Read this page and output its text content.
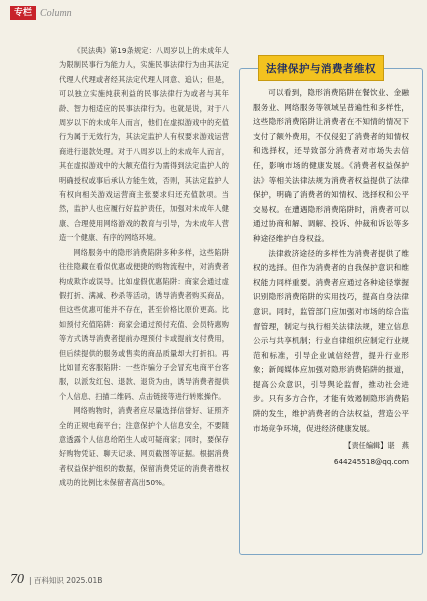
专栏 Column

《民法典》第19条规定：八周岁以上的未成年人为限制民事行为能力人，实施民事法律行为由其法定代理人代理或者经其法定代理人同意、追认；但是，可以独立实施纯获利益的民事法律行为或者与其年龄、智力相适应的民事法律行为。也就是说，对于八周岁以下的未成年人而言，他们在虚拟游戏中的充值行为属于无效行为，其法定监护人有权要求游戏运营商进行退款处理。对于八周岁以上的未成年人而言，其在虚拟游戏中的大额充值行为需得到法定监护人的明确授权或事后承认方能生效，否则，其法定监护人有权向相关游戏运营商主张要求归还充值款项。当然，监护人也应履行好监护责任，加强对未成年人健康、合理使用网络游戏的教育与引导，为未成年人营造一个健康、有序的网络环境。

网络服务中的隐形消费陷阱多种多样，这些陷阱往往隐藏在看似优惠或便捷的购物流程中，对消费者构成欺诈或误导。比如虚假优惠陷阱：商家会通过虚假打折、满减、秒杀等活动，诱导消费者购买商品，但这些优惠可能并不存在，甚至价格比原价更高。比如预付充值陷阱：商家会通过预付充值、会员特惠购等方式诱导消费者提前办理预付卡或提前支付费用，但后续提供的服务或售卖的商品质量却大打折扣。再比如冒充客服陷阱：一些诈骗分子会冒充电商平台客服，以派发红包、退款、退货为由，诱导消费者提供个人信息、扫描二维码、点击链接等进行转账操作。

网络购物时，消费者应尽量选择信誉好、证照齐全的正规电商平台；注意保护个人信息安全，不要随意透露个人信息给陌生人或可疑商家；同时，要保存好购物凭证、聊天记录、网页截图等证据。根据消费者权益保护组织的数据，保留消费凭证的消费者维权成功的比例比未保留者高出50%。

法律保护与消费者维权

可以看到，隐形消费陷阱在餐饮业、金融服务业、网络服务等领域呈普遍性和多样性，这些隐形消费陷阱让消费者在不知情的情况下支付了额外费用，不仅侵犯了消费者的知情权和选择权，还导致部分消费者对市场失去信任，影响市场的健康发展。《消费者权益保护法》等相关法律法规为消费者权益提供了法律保护，明确了消费者的知情权、选择权和公平交易权。在遭遇隐形消费陷阱时，消费者可以通过协商和解、调解、投诉、仲裁和诉讼等多种途径维护自身权益。

法律救济途径的多样性为消费者提供了维权的选择。但作为消费者的自我保护意识和维权能力同样重要。消费者应通过各种途径掌握识别隐形消费陷阱的实用技巧，提高自身法律意识。同时，监管部门应加强对市场的综合监督管理，制定与执行相关法律法规，建立信息公示与共享机制；行业自律组织应制定行业规范和标准，引导企业诚信经营，提升行业形象；新闻媒体应加强对隐形消费陷阱的报道，提高公众意识，引导舆论监督，推动社会进步。只有多方合作，才能有效遏制隐形消费陷阱的发生，维护消费者的合法权益，营造公平市场竞争环境，促进经济健康发展。

【责任编辑】谌　燕
644245518@qq.com
70 | 百科知识 2025.01B
